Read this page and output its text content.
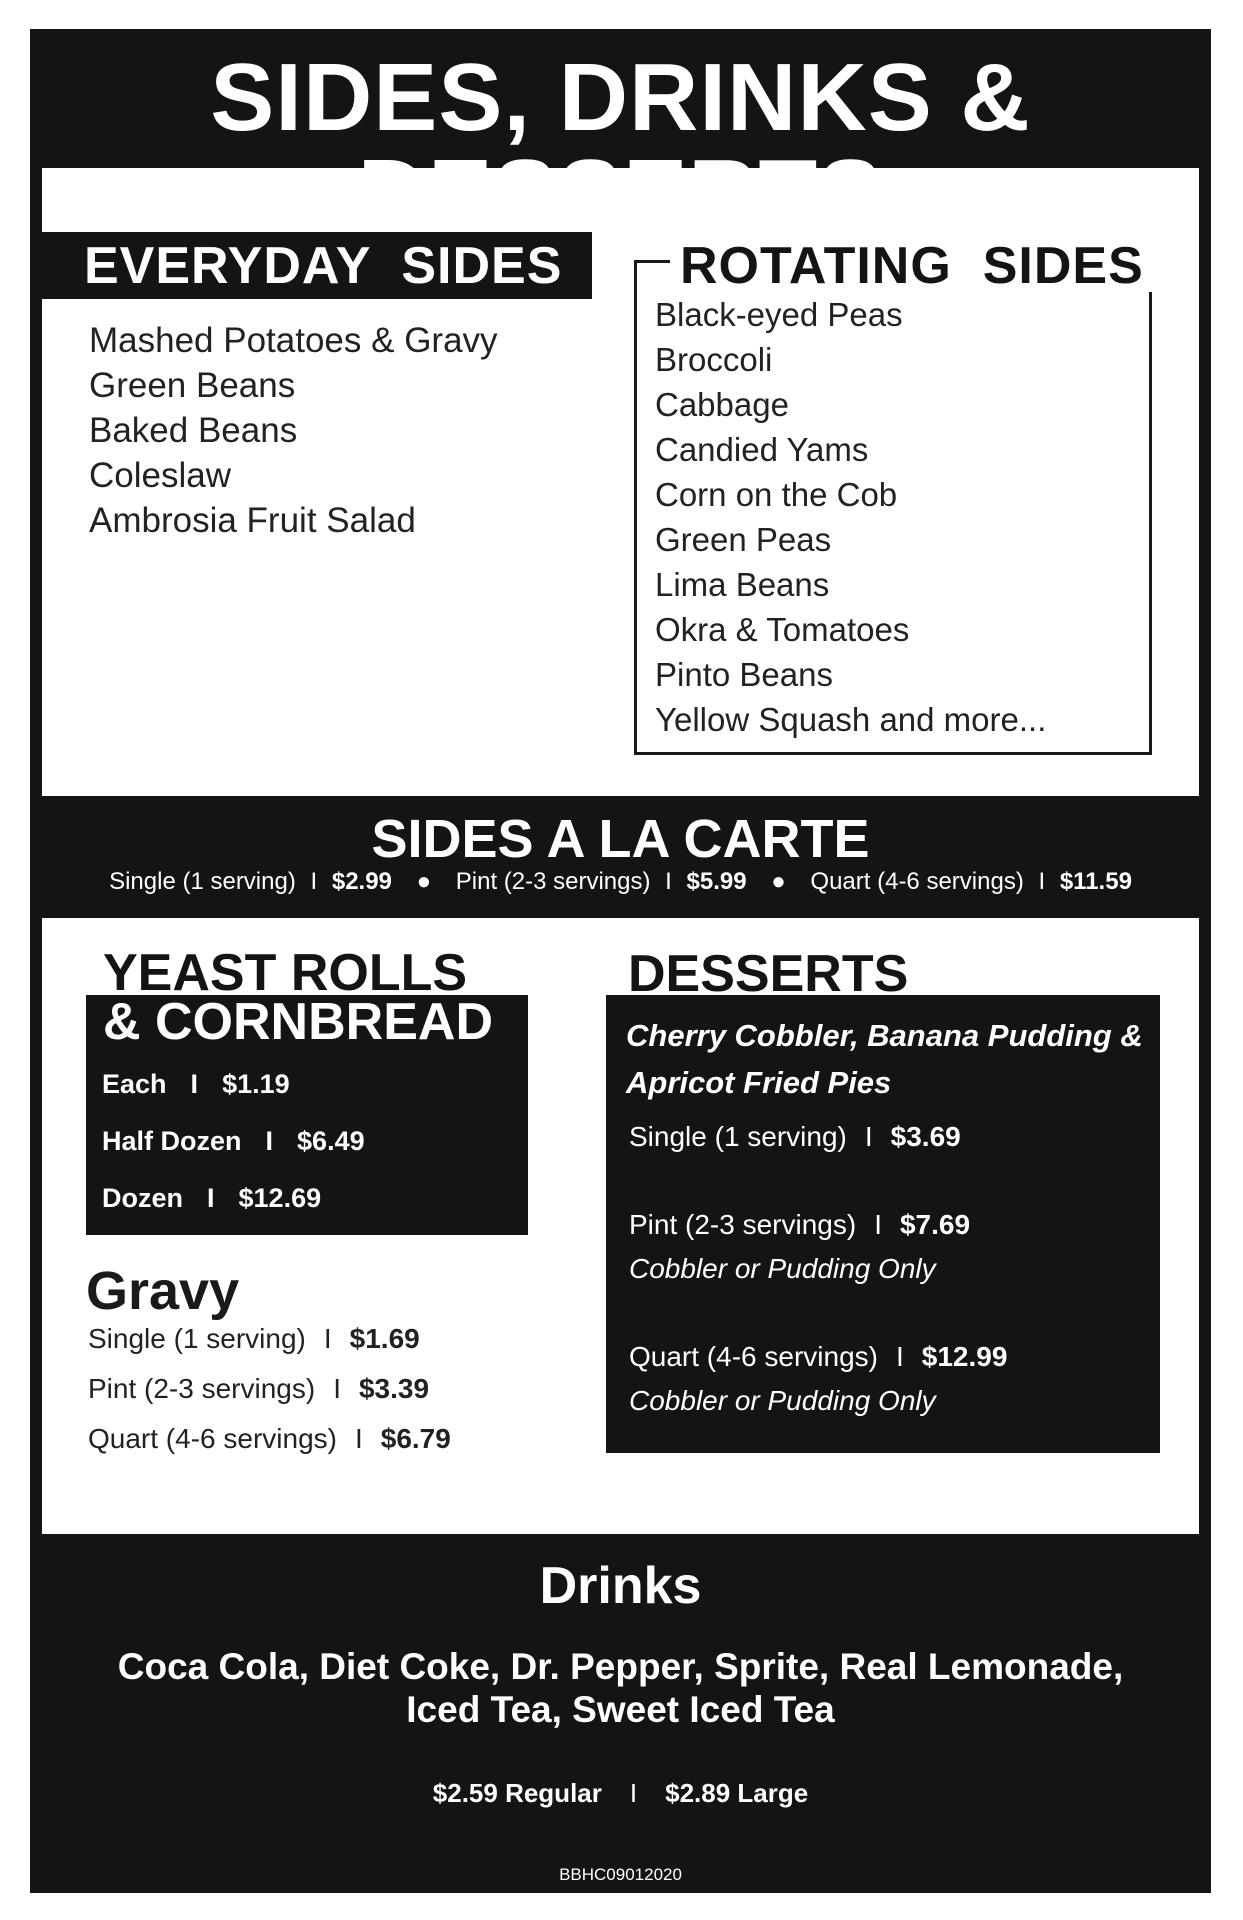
SIDES, DRINKS &
EVERYDAY  SIDES
Mashed Potatoes & Gravy
Green Beans
Baked Beans
Coleslaw
Ambrosia Fruit Salad
ROTATING  SIDES
Black-eyed Peas
Broccoli
Cabbage
Candied Yams
Corn on the Cob
Green Peas
Lima Beans
Okra & Tomatoes
Pinto Beans
Yellow Squash and more...
SIDES A LA CARTE
Single (1 serving) I $2.99 ● Pint (2-3 servings) I $5.99 ● Quart (4-6 servings) I $11.59
YEAST ROLLS
& CORNBREAD
Each I $1.19
Half Dozen I $6.49
Dozen I $12.69
Gravy
Single (1 serving) I $1.69
Pint (2-3 servings) I $3.39
Quart (4-6 servings) I $6.79
DESSERTS
Cherry Cobbler, Banana Pudding & Apricot Fried Pies
Single (1 serving) I $3.69
Pint (2-3 servings) I $7.69
Cobbler or Pudding Only
Quart (4-6 servings) I $12.99
Cobbler or Pudding Only
Drinks
Coca Cola, Diet Coke, Dr. Pepper, Sprite, Real Lemonade, Iced Tea, Sweet Iced Tea
$2.59 Regular I $2.89 Large
BBHC09012020
